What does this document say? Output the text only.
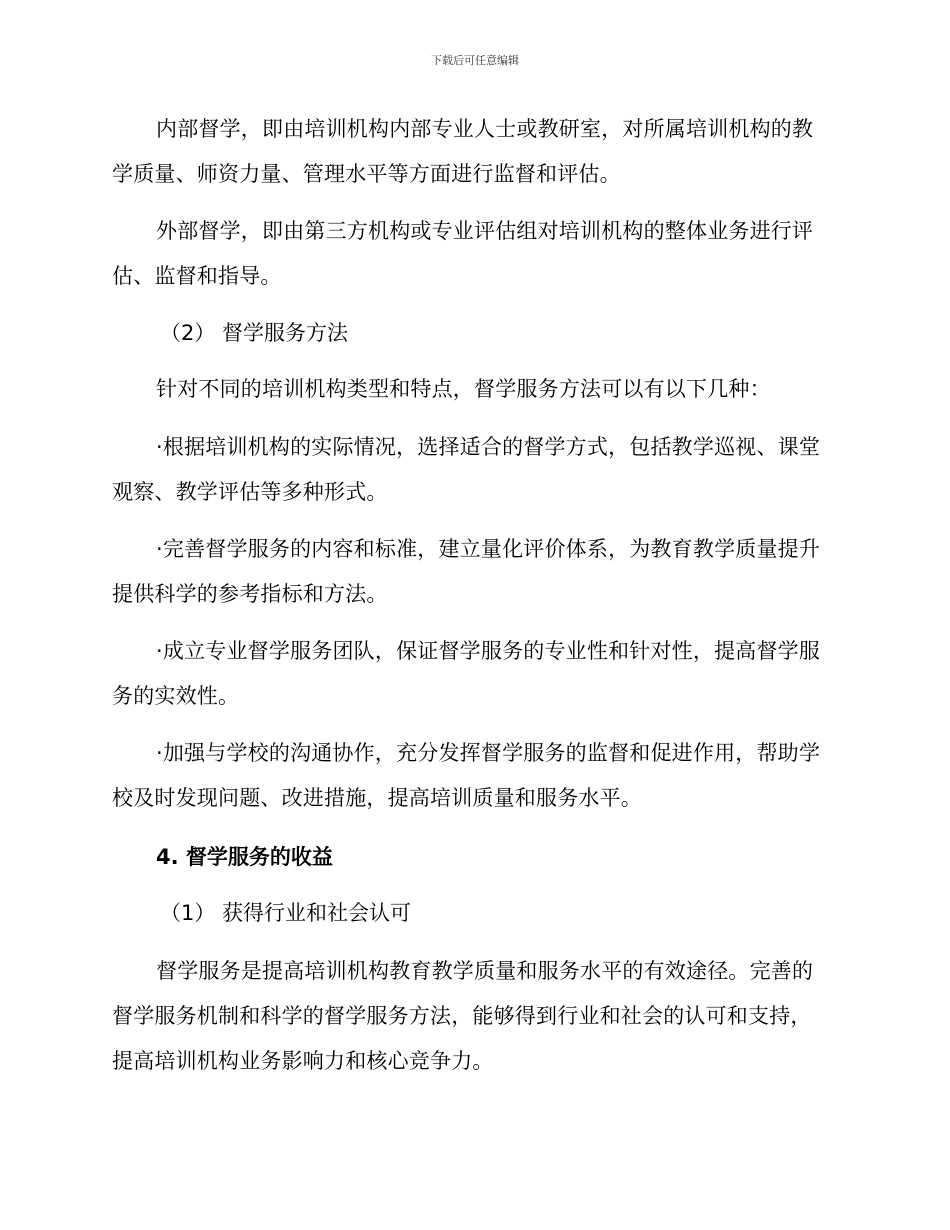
下载后可任意编辑

内部督学，即由培训机构内部专业人士或教研室，对所属培训机构的教学质量、师资力量、管理水平等方面进行监督和评估。

外部督学，即由第三方机构或专业评估组对培训机构的整体业务进行评估、监督和指导。

（2） 督学服务方法

针对不同的培训机构类型和特点，督学服务方法可以有以下几种：

·根据培训机构的实际情况，选择适合的督学方式，包括教学巡视、课堂观察、教学评估等多种形式。

·完善督学服务的内容和标准，建立量化评价体系，为教育教学质量提升提供科学的参考指标和方法。

·成立专业督学服务团队，保证督学服务的专业性和针对性，提高督学服务的实效性。

·加强与学校的沟通协作，充分发挥督学服务的监督和促进作用，帮助学校及时发现问题、改进措施，提高培训质量和服务水平。

4. 督学服务的收益

（1） 获得行业和社会认可

督学服务是提高培训机构教育教学质量和服务水平的有效途径。完善的督学服务机制和科学的督学服务方法，能够得到行业和社会的认可和支持，提高培训机构业务影响力和核心竞争力。
